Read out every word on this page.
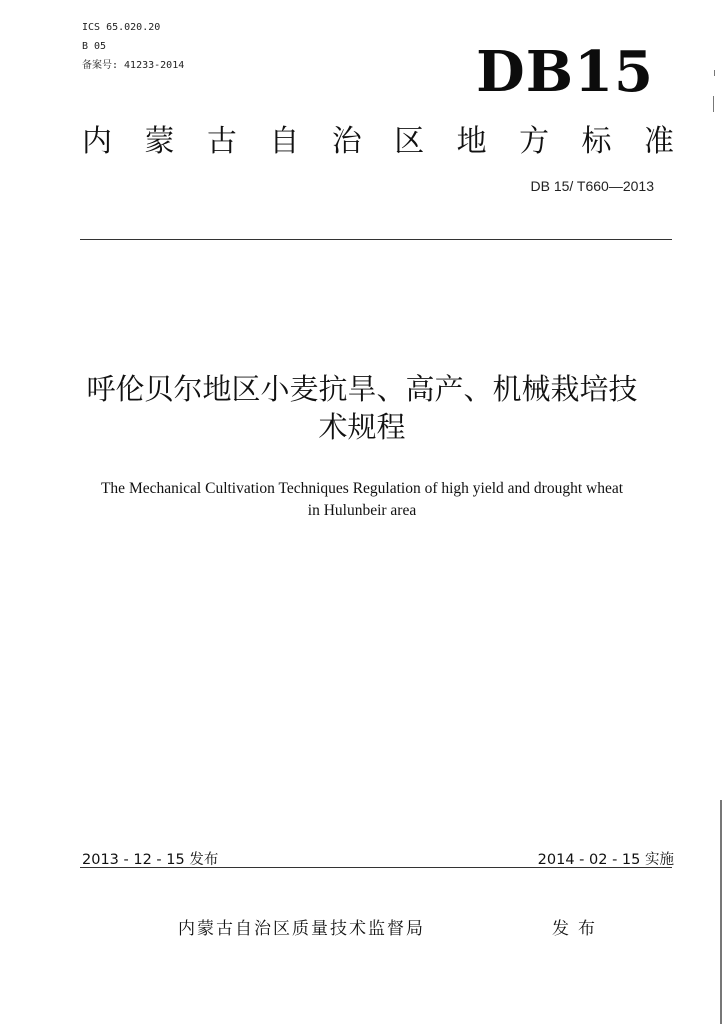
ICS 65.020.20
B 05
备案号: 41233-2014	DB15
内 蒙 古 自 治 区 地 方 标 准
DB 15/ T660—2013
呼伦贝尔地区小麦抗旱、高产、机械栽培技
术规程
The Mechanical Cultivation Techniques Regulation of high yield and drought wheat
in Hulunbeir area
2013 - 12 - 15 发布	2014 - 02 - 15 实施
内蒙古自治区质量技术监督局	发布
